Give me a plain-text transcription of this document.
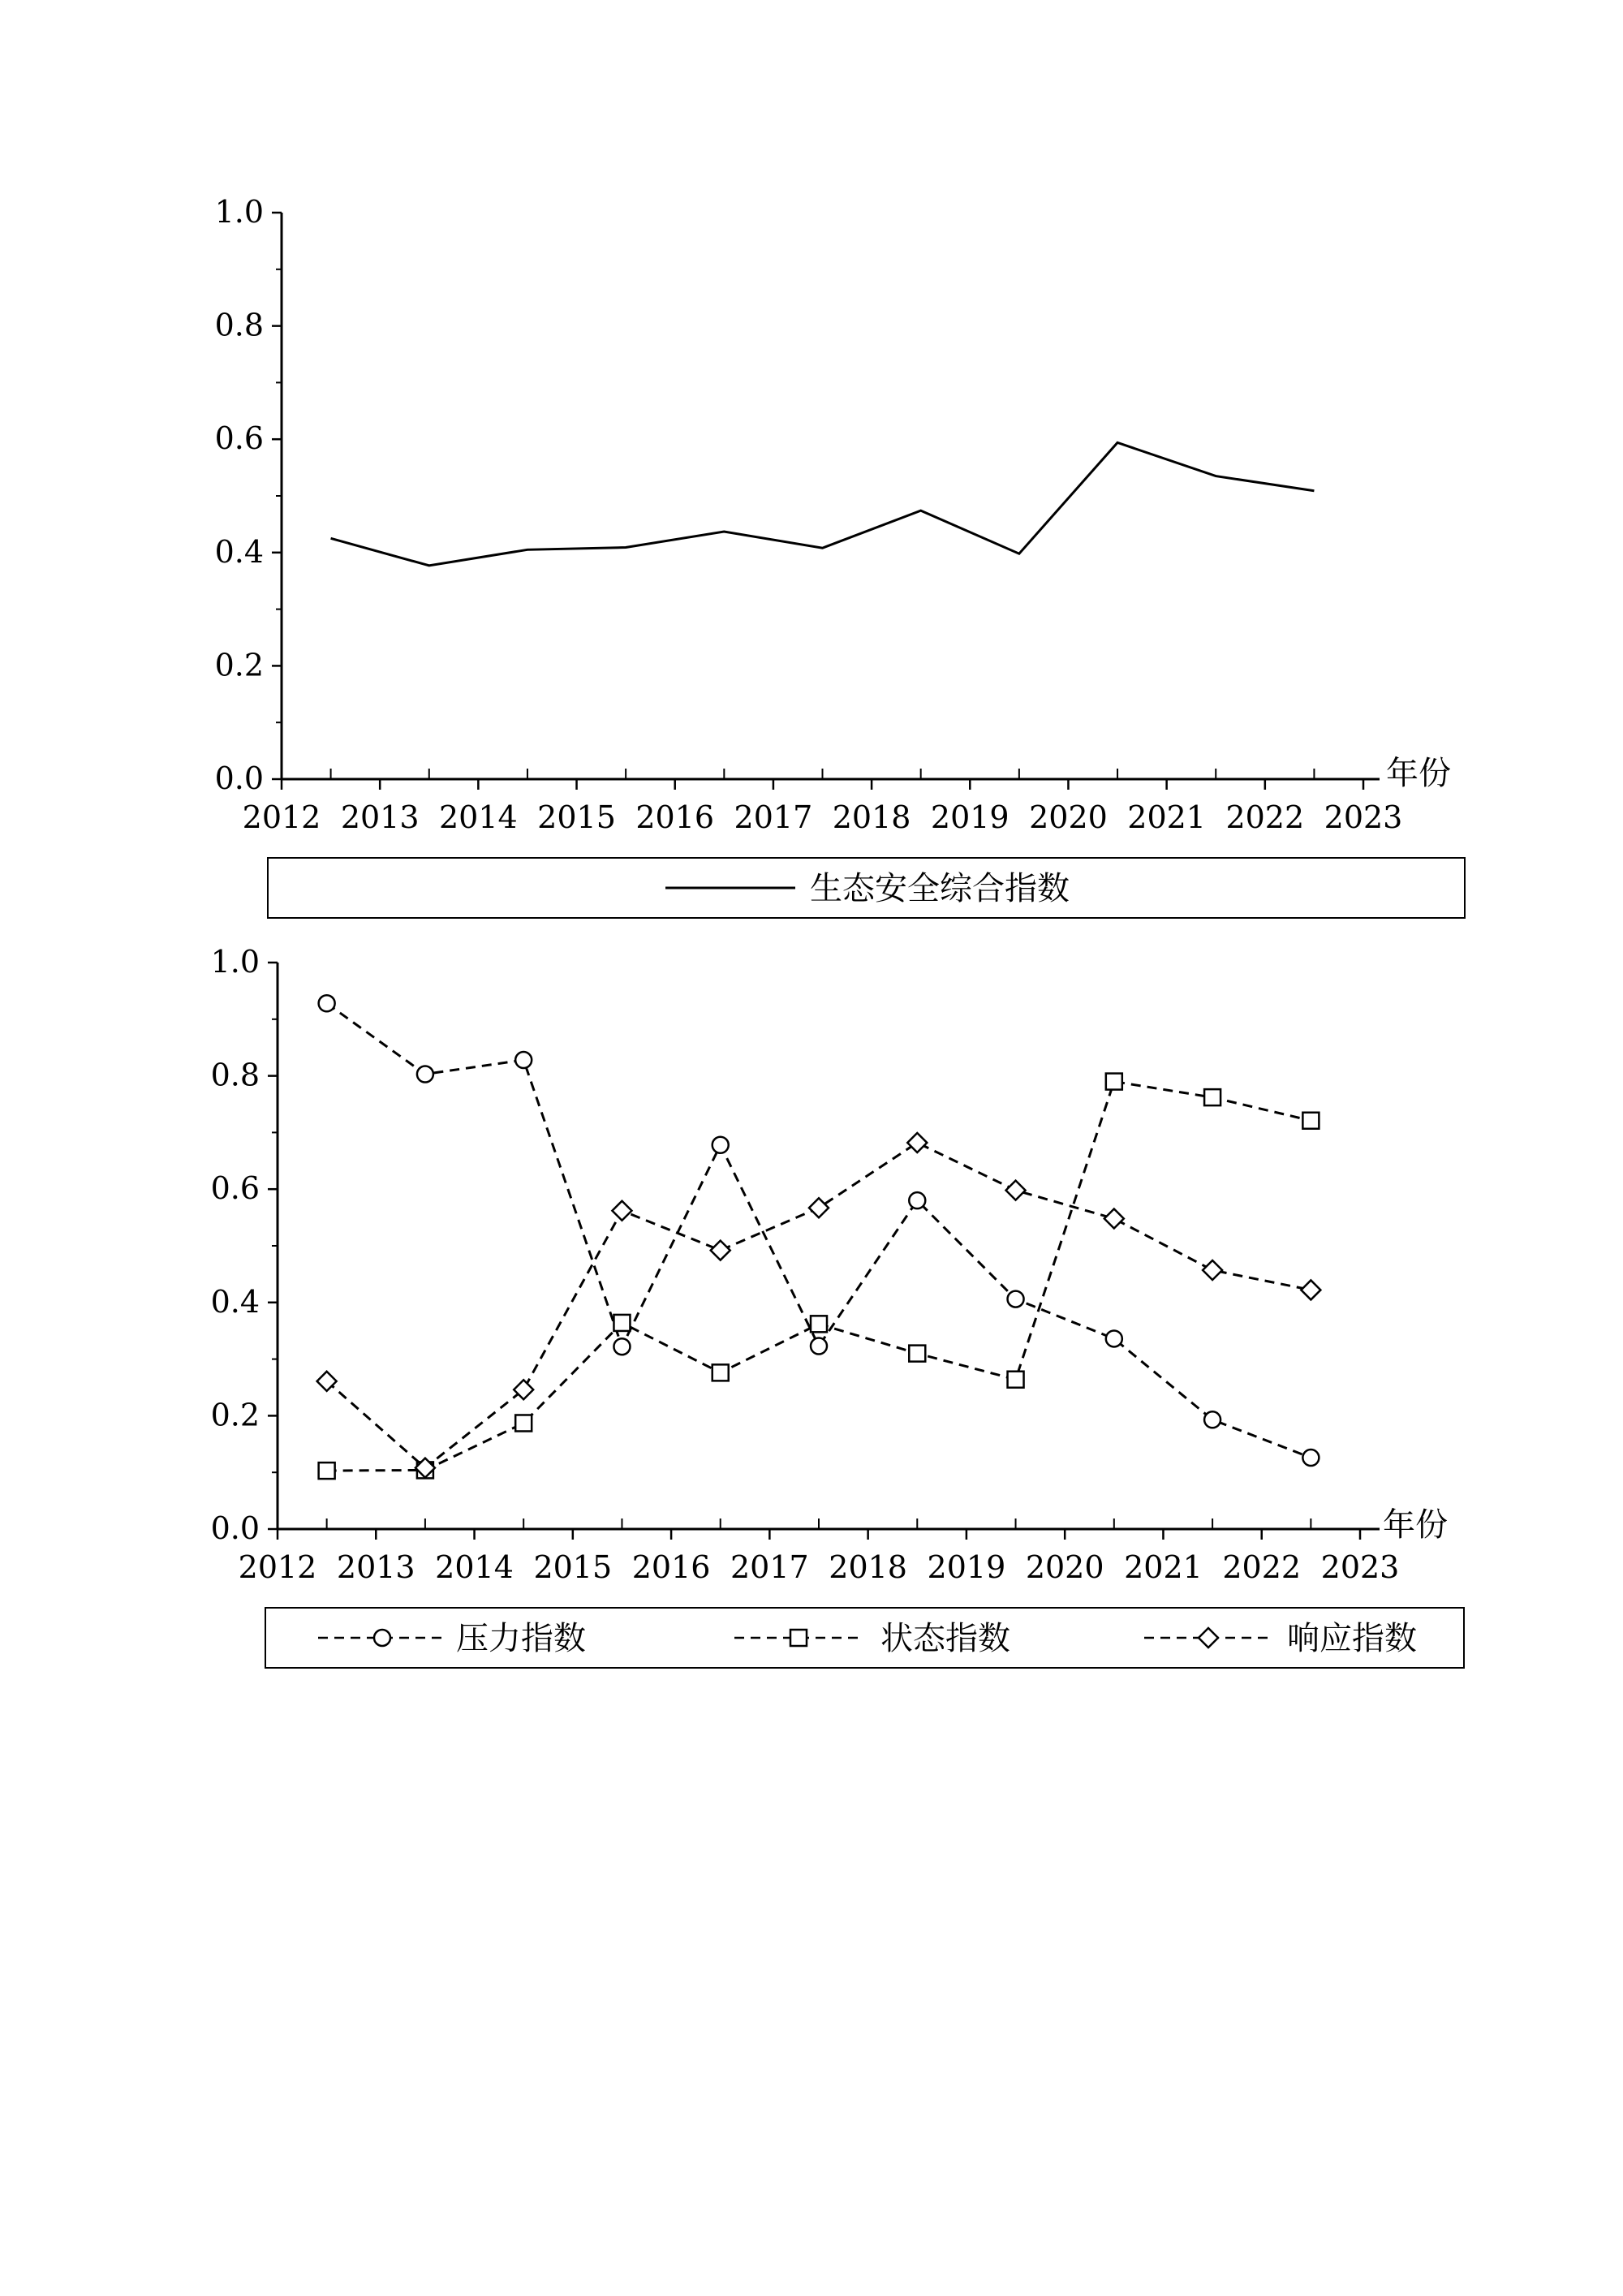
0.0
0.2
0.4
0.6
0.8
1.0
2012 2013 2014 2015 2016 2017 2018 2019 2020 2021 2022 2023
年份
生态安全综合指数
0.0
0.2
0.4
0.6
0.8
1.0
2012 2013 2014 2015 2016 2017 2018 2019 2020 2021 2022 2023
年份
压力指数	状态指数	响应指数
